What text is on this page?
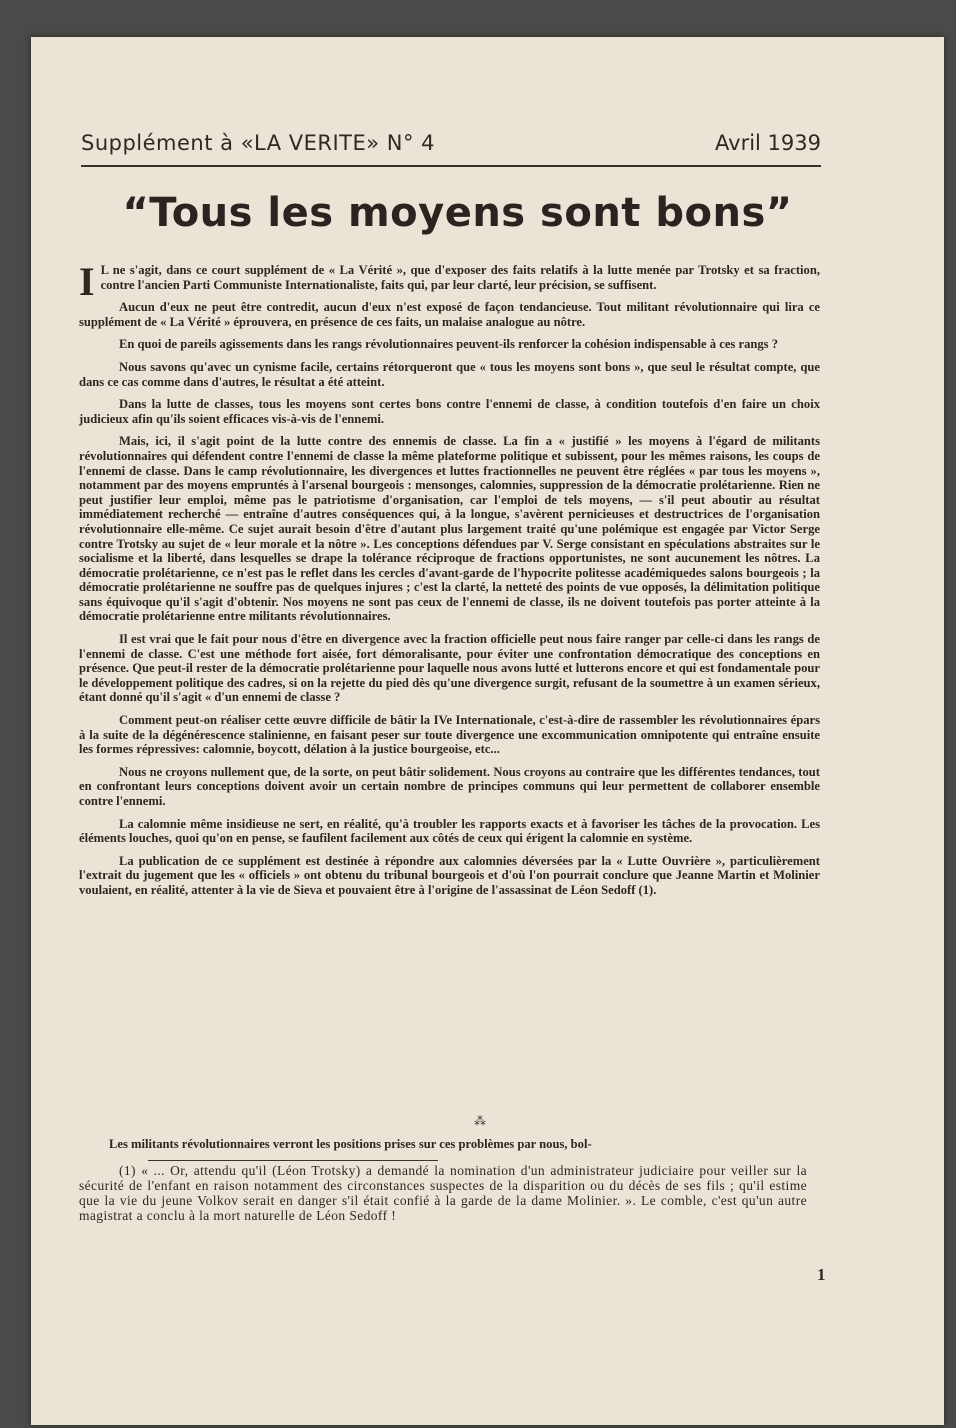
Supplément à «LA VERITE» N° 4	Avril 1939
“Tous les moyens sont bons”

I L ne s'agit, dans ce court supplément de « La Vérité », que d'exposer des faits relatifs à la lutte menée par Trotsky et sa fraction, contre l'ancien Parti Communiste Internationaliste, faits qui, par leur clarté, leur précision, se suffisent.

Aucun d'eux ne peut être contredit, aucun d'eux n'est exposé de façon tendancieuse. Tout militant révolutionnaire qui lira ce supplément de « La Vérité » éprouvera, en présence de ces faits, un malaise analogue au nôtre.

En quoi de pareils agissements dans les rangs révolutionnaires peuvent-ils renforcer la cohésion indispensable à ces rangs ?

Nous savons qu'avec un cynisme facile, certains rétorqueront que « tous les moyens sont bons », que seul le résultat compte, que dans ce cas comme dans d'autres, le résultat a été atteint.

Dans la lutte de classes, tous les moyens sont certes bons contre l'ennemi de classe, à condition toutefois d'en faire un choix judicieux afin qu'ils soient efficaces vis-à-vis de l'ennemi.

Mais, ici, il s'agit point de la lutte contre des ennemis de classe. La fin a « justifié » les moyens à l'égard de militants révolutionnaires qui défendent contre l'ennemi de classe la même plateforme politique et subissent, pour les mêmes raisons, les coups de l'ennemi de classe. Dans le camp révolutionnaire, les divergences et luttes fractionnelles ne peuvent être réglées « par tous les moyens », notamment par des moyens empruntés à l'arsenal bourgeois : mensonges, calomnies, suppression de la démocratie prolétarienne. Rien ne peut justifier leur emploi, même pas le patriotisme d'organisation, car l'emploi de tels moyens, — s'il peut aboutir au résultat immédiatement recherché — entraîne d'autres conséquences qui, à la longue, s'avèrent pernicieuses et destructrices de l'organisation révolutionnaire elle-même. Ce sujet aurait besoin d'être d'autant plus largement traité qu'une polémique est engagée par Victor Serge contre Trotsky au sujet de « leur morale et la nôtre ». Les conceptions défendues par V. Serge consistant en spéculations abstraites sur le socialisme et la liberté, dans lesquelles se drape la tolérance réciproque de fractions opportunistes, ne sont aucunement les nôtres. La démocratie prolétarienne, ce n'est pas le reflet dans les cercles d'avant-garde de l'hypocrite politesse académiquedes salons bourgeois ; la démocratie prolétarienne ne souffre pas de quelques injures ; c'est la clarté, la netteté des points de vue opposés, la délimitation politique sans équivoque qu'il s'agit d'obtenir. Nos moyens ne sont pas ceux de l'ennemi de classe, ils ne doivent toutefois pas porter atteinte à la démocratie prolétarienne entre militants révolutionnaires.

Il est vrai que le fait pour nous d'être en divergence avec la fraction officielle peut nous faire ranger par celle-ci dans les rangs de l'ennemi de classe. C'est une méthode fort aisée, fort démoralisante, pour éviter une confrontation démocratique des conceptions en présence. Que peut-il rester de la démocratie prolétarienne pour laquelle nous avons lutté et lutterons encore et qui est fondamentale pour le développement politique des cadres, si on la rejette du pied dès qu'une divergence surgit, refusant de la soumettre à un examen sérieux, étant donné qu'il s'agit « d'un ennemi de classe ?

Comment peut-on réaliser cette œuvre difficile de bâtir la IVe Internationale, c'est-à-dire de rassembler les révolutionnaires épars à la suite de la dégénérescence stalinienne, en faisant peser sur toute divergence une excommunication omnipotente qui entraîne ensuite les formes répressives: calomnie, boycott, délation à la justice bourgeoise, etc...

Nous ne croyons nullement que, de la sorte, on peut bâtir solidement. Nous croyons au contraire que les différentes tendances, tout en confrontant leurs conceptions doivent avoir un certain nombre de principes communs qui leur permettent de collaborer ensemble contre l'ennemi.

La calomnie même insidieuse ne sert, en réalité, qu'à troubler les rapports exacts et à favoriser les tâches de la provocation. Les éléments louches, quoi qu'on en pense, se faufilent facilement aux côtés de ceux qui érigent la calomnie en système.

La publication de ce supplément est destinée à répondre aux calomnies déversées par la « Lutte Ouvrière », particulièrement l'extrait du jugement que les « officiels » ont obtenu du tribunal bourgeois et d'où l'on pourrait conclure que Jeanne Martin et Molinier voulaient, en réalité, attenter à la vie de Sieva et pouvaient être à l'origine de l'assassinat de Léon Sedoff (1).

⁂
Les militants révolutionnaires verront les positions prises sur ces problèmes par nous, bol-
(1) « ... Or, attendu qu'il (Léon Trotsky) a demandé la nomination d'un administrateur judiciaire pour veiller sur la sécurité de l'enfant en raison notamment des circonstances suspectes de la disparition ou du décès de ses fils ; qu'il estime que la vie du jeune Volkov serait en danger s'il était confié à la garde de la dame Molinier. ». Le comble, c'est qu'un autre magistrat a conclu à la mort naturelle de Léon Sedoff !
1
